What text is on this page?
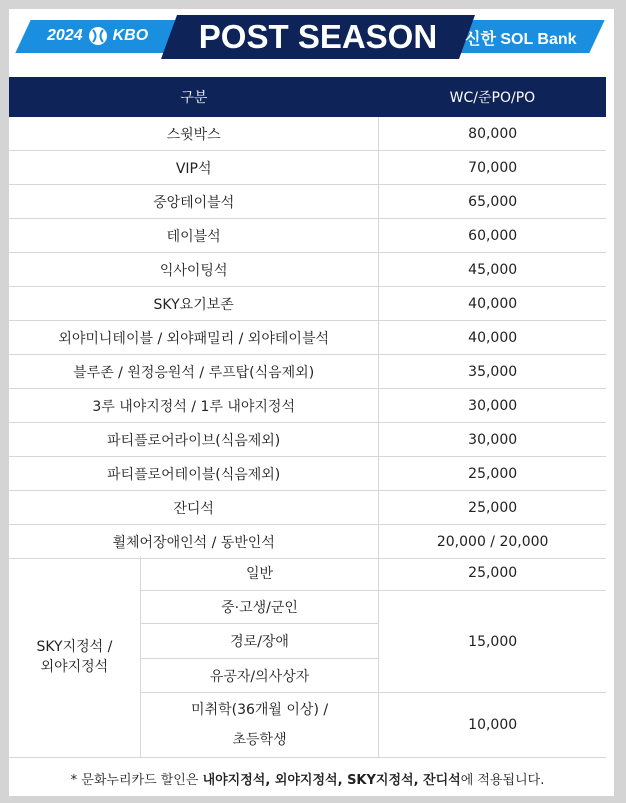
2024 KBO	POST SEASON	신한 SOL Bank
구분	WC/준PO/PO
스윗박스	80,000
VIP석	70,000
중앙테이블석	65,000
테이블석	60,000
익사이팅석	45,000
SKY요기보존	40,000
외야미니테이블 / 외야패밀리 / 외야테이블석	40,000
블루존 / 원정응원석 / 루프탑(식음제외)	35,000
3루 내야지정석 / 1루 내야지정석	30,000
파티플로어라이브(식음제외)	30,000
파티플로어테이블(식음제외)	25,000
잔디석	25,000
휠체어장애인석 / 동반인석	20,000 / 20,000
SKY지정석 /
외야지정석	일반	25,000
	중·고생/군인	15,000
	경로/장애	
	유공자/의사상자	

	미취학(36개월 이상) /
초등학생	10,000
* 문화누리카드 할인은 내야지정석, 외야지정석, SKY지정석, 잔디석에 적용됩니다.
